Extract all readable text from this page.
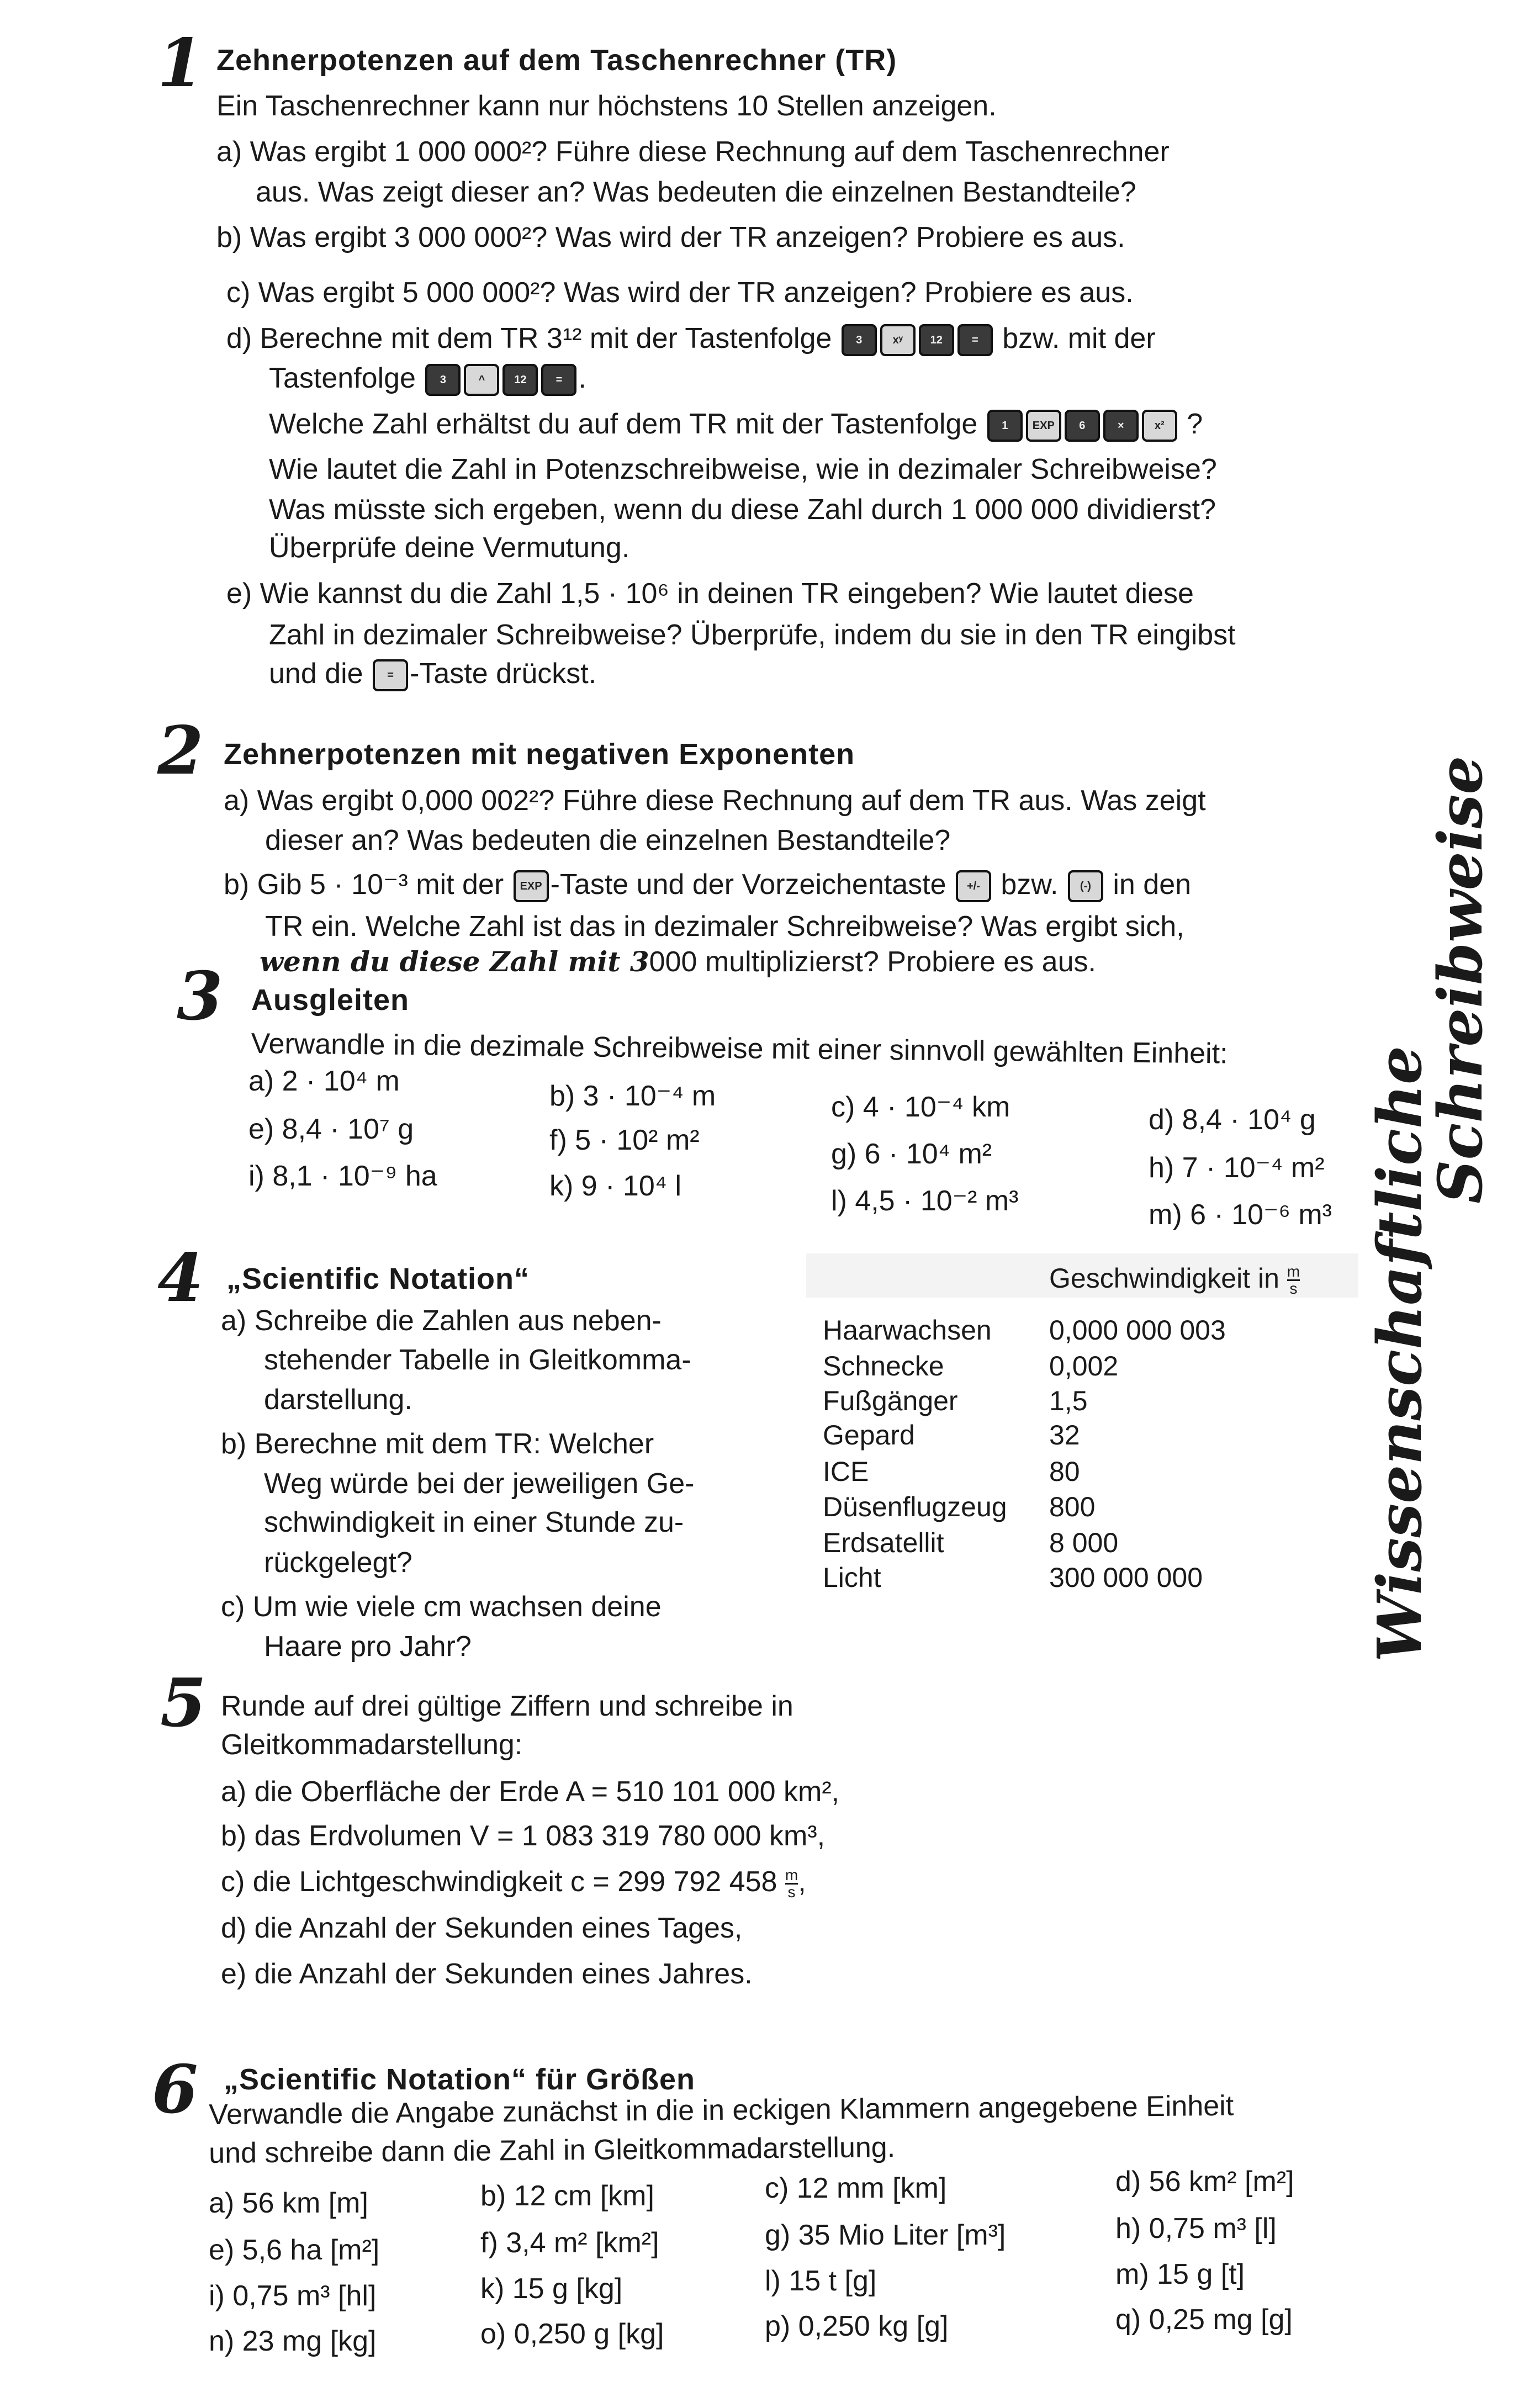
1 Zehnerpotenzen auf dem Taschenrechner (TR)
Ein Taschenrechner kann nur höchstens 10 Stellen anzeigen.
a) Was ergibt 1 000 000²? Führe diese Rechnung auf dem Taschenrechner
aus. Was zeigt dieser an? Was bedeuten die einzelnen Bestandteile?
b) Was ergibt 3 000 000²? Was wird der TR anzeigen? Probiere es aus.
c) Was ergibt 5 000 000²? Was wird der TR anzeigen? Probiere es aus.
d) Berechne mit dem TR 3¹² mit der Tastenfolge 3	xʸ 12	= bzw. mit der
Tastenfolge 3	^	12	= .
Welche Zahl erhältst du auf dem TR mit der Tastenfolge 1 EXP 6	×	x² ?
Wie lautet die Zahl in Potenzschreibweise, wie in dezimaler Schreibweise?
Was müsste sich ergeben, wenn du diese Zahl durch 1 000 000 dividierst?
Überprüfe deine Vermutung.
e) Wie kannst du die Zahl 1,5 · 10⁶ in deinen TR eingeben? Wie lautet diese
Zahl in dezimaler Schreibweise? Überprüfe, indem du sie in den TR eingibst
und die = -Taste drückst.
2 Zehnerpotenzen mit negativen Exponenten
a) Was ergibt 0,000 002²? Führe diese Rechnung auf dem TR aus. Was zeigt
dieser an? Was bedeuten die einzelnen Bestandteile?
b) Gib 5 · 10⁻³ mit der EXP -Taste und der Vorzeichentaste +/- bzw. (-) in den
TR ein. Welche Zahl ist das in dezimaler Schreibweise? Was ergibt sich,
wenn du diese Zahl mit 3000 multiplizierst? Probiere es aus.
3 Ausgleiten
Verwandle in die dezimale Schreibweise mit einer sinnvoll gewählten Einheit:
a) 2 · 10⁴ m	b) 3 · 10⁻⁴ m	c) 4 · 10⁻⁴ km	d) 8,4 · 10⁴ g
e) 8,4 · 10⁷ g	f) 5 · 10² m²	g) 6 · 10⁴ m²	h) 7 · 10⁻⁴ m²
i) 8,1 · 10⁻⁹ ha	k) 9 · 10⁴ l	l) 4,5 · 10⁻² m³	m) 6 · 10⁻⁶ m³
4 „Scientific Notation“
a) Schreibe die Zahlen aus neben-
stehender Tabelle in Gleitkomma-
darstellung.
b) Berechne mit dem TR: Welcher
Weg würde bei der jeweiligen Ge-
schwindigkeit in einer Stunde zu-
rückgelegt?
c) Um wie viele cm wachsen deine
Haare pro Jahr?
Geschwindigkeit in $\frac{m}{s}$
Haarwachsen 0,000 000 003
Schnecke	0,002
Fußgänger	1,5
Gepard	32
ICE	80
Düsenflugzeug 800
Erdsatellit	8 000
Licht	300 000 000
5 Runde auf drei gültige Ziffern und schreibe in
Gleitkommadarstellung:
a) die Oberfläche der Erde A = 510 101 000 km²,
b) das Erdvolumen V = 1 083 319 780 000 km³,
c) die Lichtgeschwindigkeit c = 299 792 $458 \frac{m}{s}$ ,
d) die Anzahl der Sekunden eines Tages,
e) die Anzahl der Sekunden eines Jahres.
6 „Scientific Notation“ für Größen
Verwandle die Angabe zunächst in die in eckigen Klammern angegebene Einheit
und schreibe dann die Zahl in Gleitkommadarstellung.
a) 56 km [m]	b) 12 cm [km]	c) 12 mm [km]	d) 56 km² [m²]
e) 5,6 ha [m²]	f) 3,4 m² [km²]	g) 35 Mio Liter [m³]	h) 0,75 m³ [l]
i) 0,75 m³ [hl]	k) 15 g [kg]	l) 15 t [g]	m) 15 g [t]
n) 23 mg [kg]	o) 0,250 g [kg]	p) 0,250 kg [g]	q) 0,25 mg [g]
Wissenschaftliche
Schreibweise
